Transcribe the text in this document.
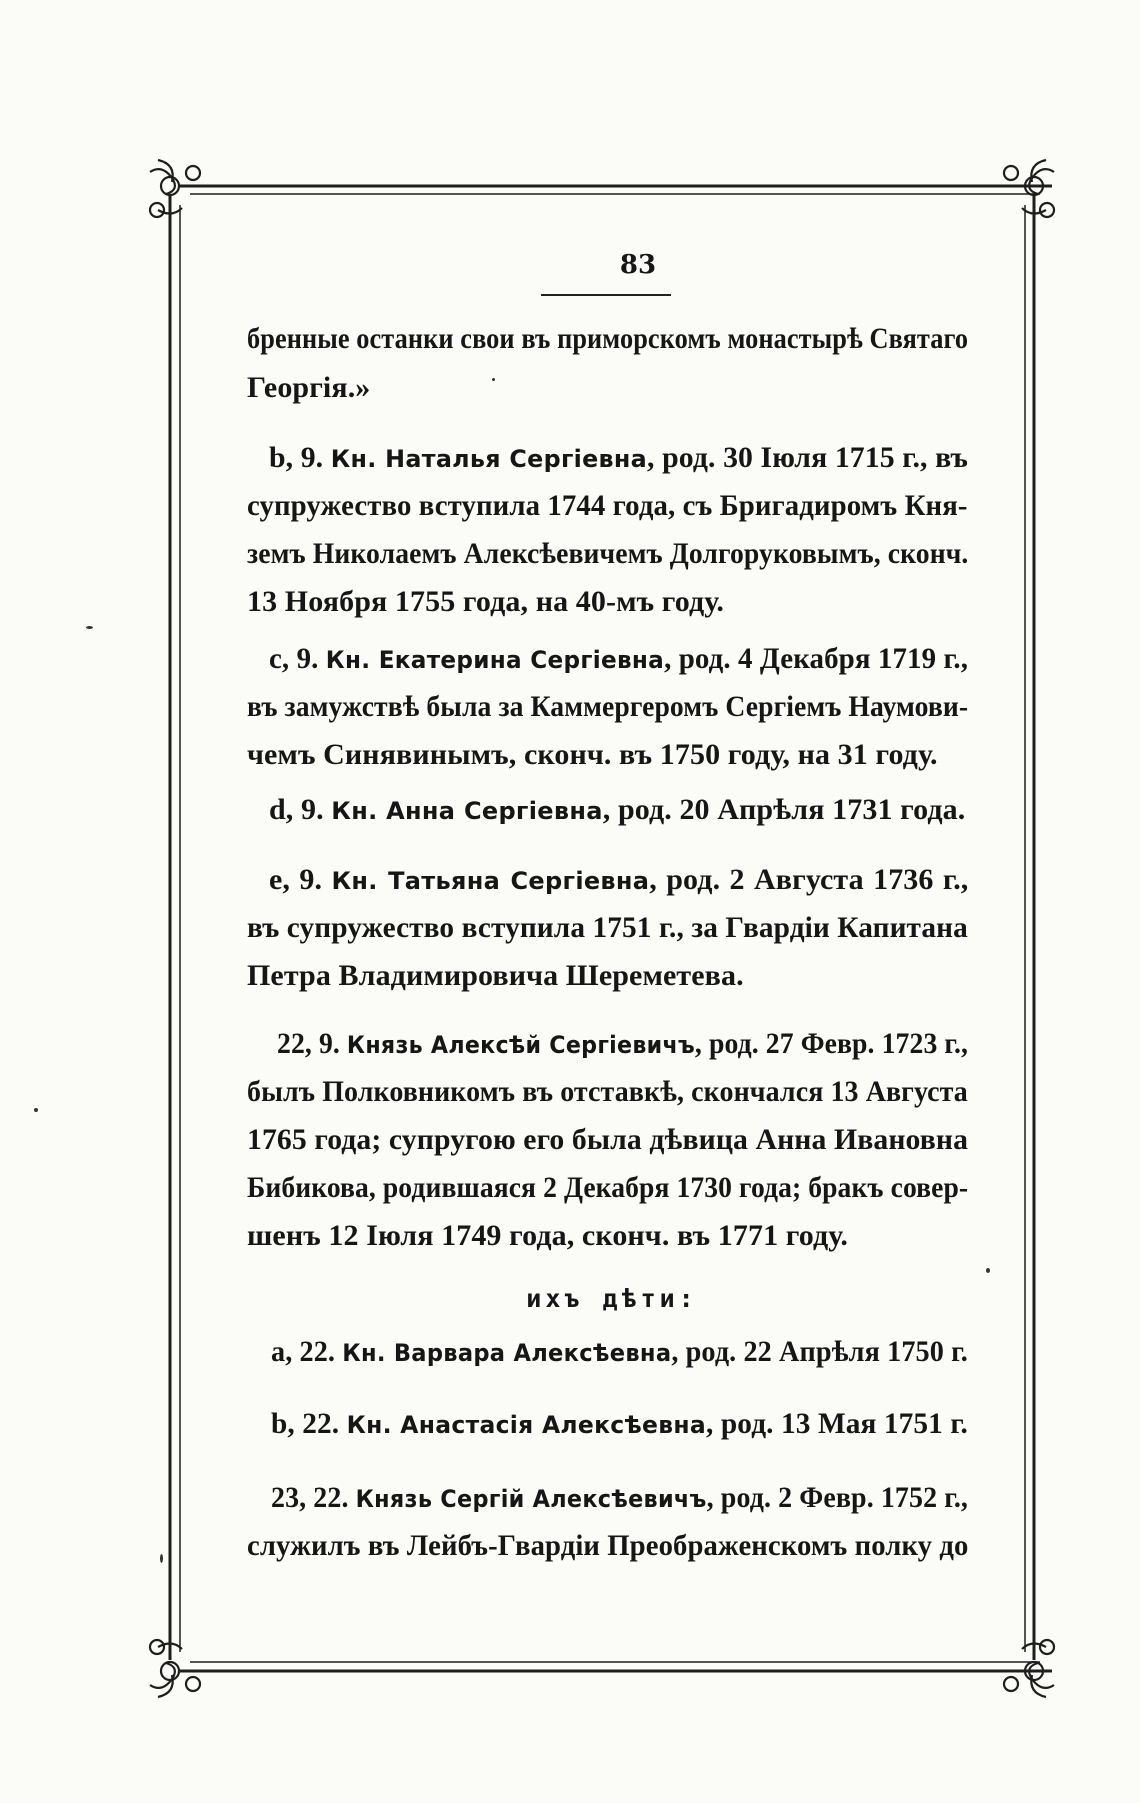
83
бренные останки свои въ приморскомъ монастырѣ Святаго
Георгія.»
b, 9. Кн. Наталья Сергіевна, род. 30 Іюля 1715 г., въ
супружество вступила 1744 года, съ Бригадиромъ Кня-
земъ Николаемъ Алексѣевичемъ Долгоруковымъ, сконч.
13 Ноября 1755 года, на 40-мъ году.
c, 9. Кн. Екатерина Сергіевна, род. 4 Декабря 1719 г.,
въ замужствѣ была за Каммергеромъ Сергіемъ Наумови-
чемъ Синявинымъ, сконч. въ 1750 году, на 31 году.
d, 9. Кн. Анна Сергіевна, род. 20 Апрѣля 1731 года.
e, 9. Кн. Татьяна Сергіевна, род. 2 Августа 1736 г.,
въ супружество вступила 1751 г., за Гвардіи Капитана
Петра Владимировича Шереметева.
22, 9. Князь Алексѣй Сергіевичъ, род. 27 Февр. 1723 г.,
былъ Полковникомъ въ отставкѣ, скончался 13 Августа
1765 года; супругою его была дѣвица Анна Ивановна
Бибикова, родившаяся 2 Декабря 1730 года; бракъ совер-
шенъ 12 Іюля 1749 года, сконч. въ 1771 году.
ихъ дѣти:
a, 22. Кн. Варвара Алексѣевна, род. 22 Апрѣля 1750 г.
b, 22. Кн. Анастасія Алексѣевна, род. 13 Мая 1751 г.
23, 22. Князь Сергій Алексѣевичъ, род. 2 Февр. 1752 г.,
служилъ въ Лейбъ-Гвардіи Преображенскомъ полку до
